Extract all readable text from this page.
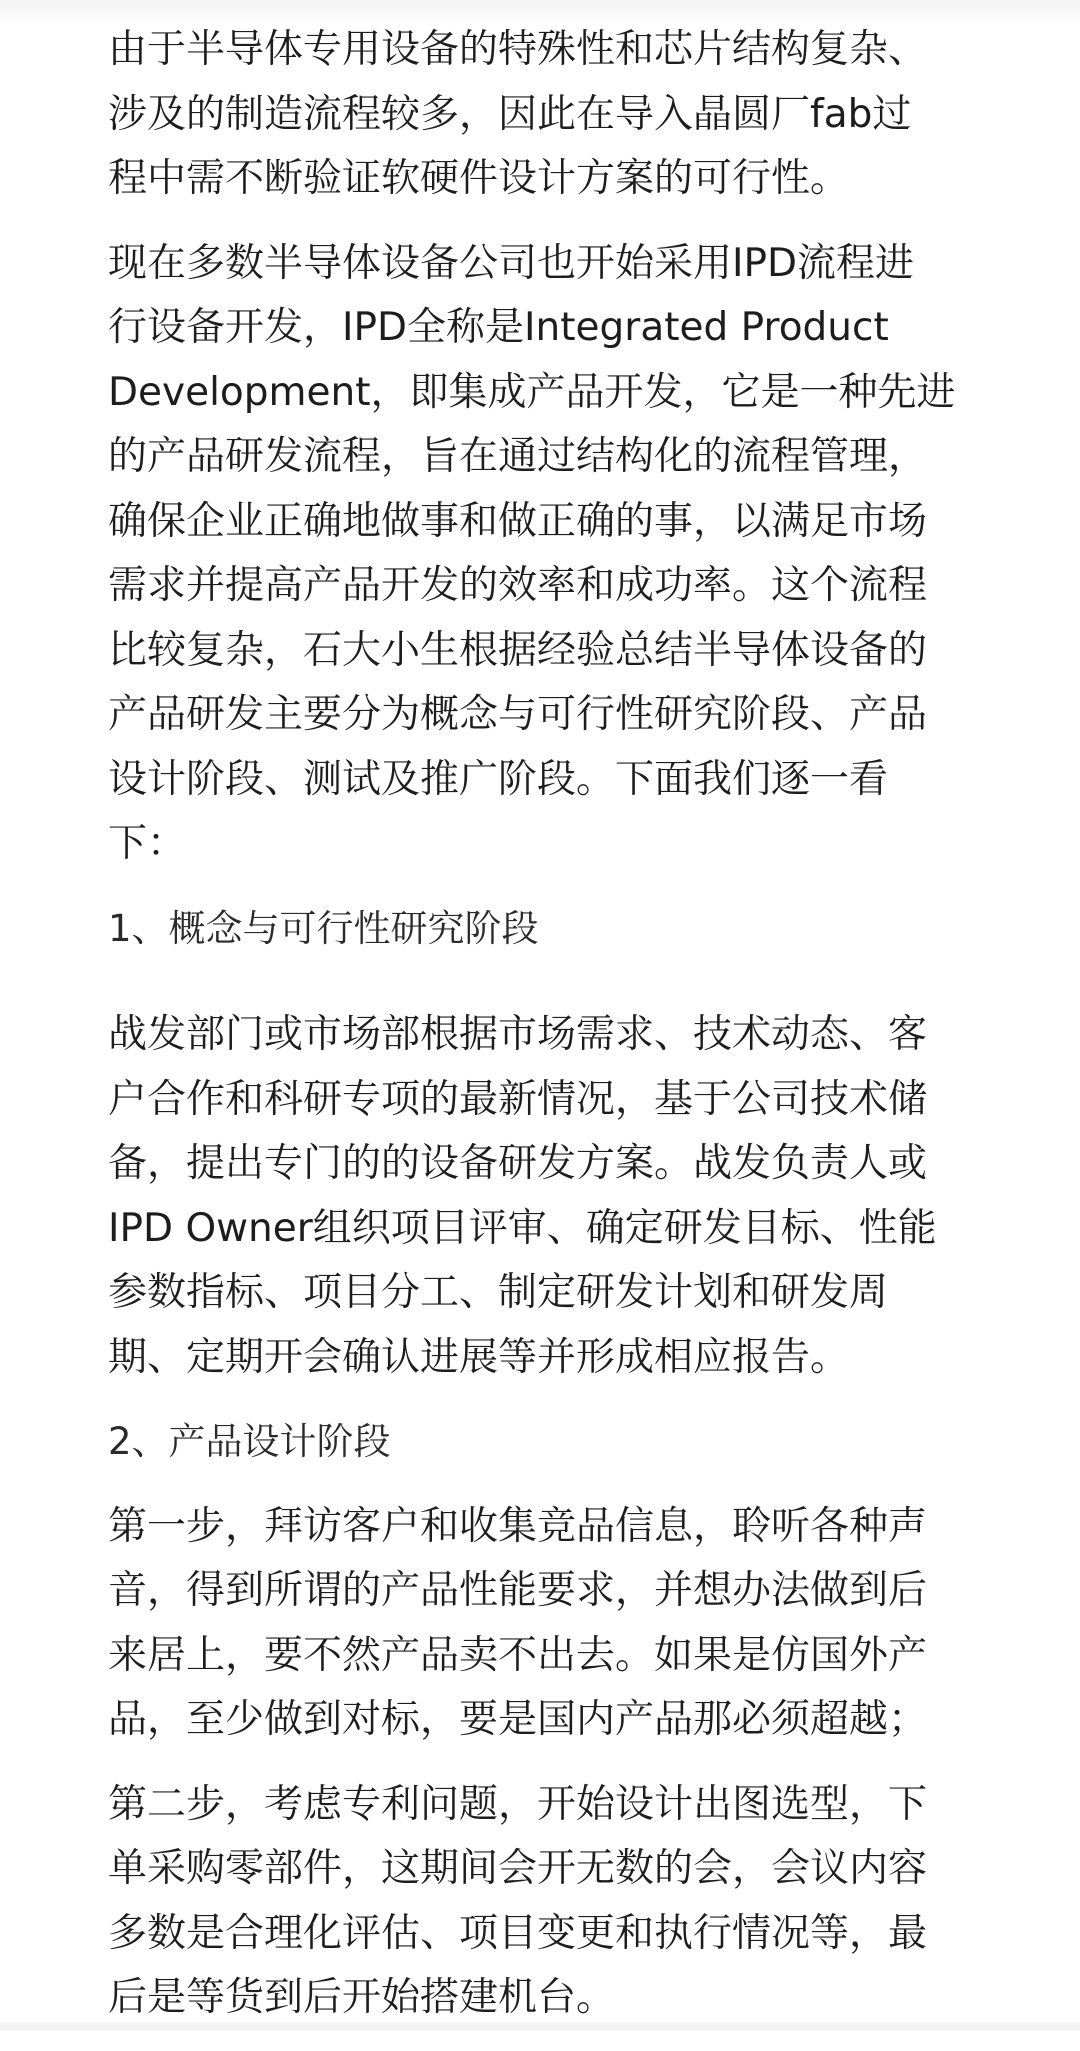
由于半导体专用设备的特殊性和芯片结构复杂、
涉及的制造流程较多，因此在导入晶圆厂fab过
程中需不断验证软硬件设计方案的可行性。

现在多数半导体设备公司也开始采用IPD流程进
行设备开发，IPD全称是Integrated Product
Development，即集成产品开发，它是一种先进
的产品研发流程，旨在通过结构化的流程管理，
确保企业正确地做事和做正确的事，以满足市场
需求并提高产品开发的效率和成功率。这个流程
比较复杂，石大小生根据经验总结半导体设备的
产品研发主要分为概念与可行性研究阶段、产品
设计阶段、测试及推广阶段。下面我们逐一看
下：

1、概念与可行性研究阶段

战发部门或市场部根据市场需求、技术动态、客
户合作和科研专项的最新情况，基于公司技术储
备，提出专门的的设备研发方案。战发负责人或
IPD Owner组织项目评审、确定研发目标、性能
参数指标、项目分工、制定研发计划和研发周
期、定期开会确认进展等并形成相应报告。

2、产品设计阶段

第一步，拜访客户和收集竞品信息，聆听各种声
音，得到所谓的产品性能要求，并想办法做到后
来居上，要不然产品卖不出去。如果是仿国外产
品，至少做到对标，要是国内产品那必须超越；

第二步，考虑专利问题，开始设计出图选型，下
单采购零部件，这期间会开无数的会，会议内容
多数是合理化评估、项目变更和执行情况等，最
后是等货到后开始搭建机台。
